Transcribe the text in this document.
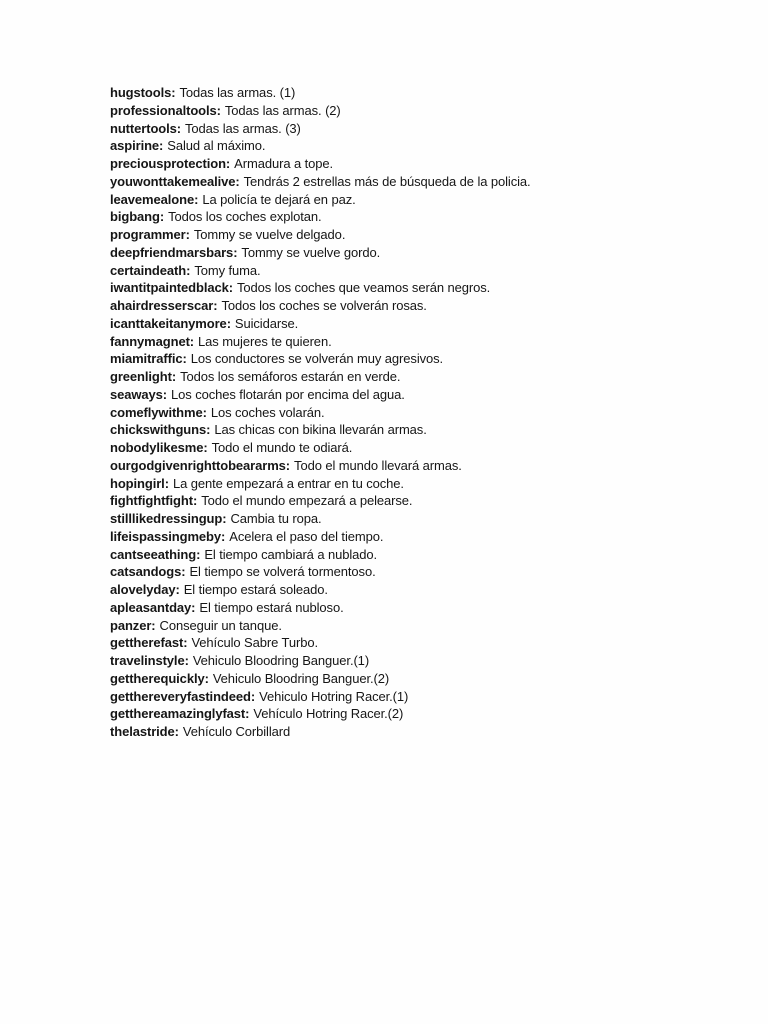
hugstools: Todas las armas. (1)
professionaltools: Todas las armas. (2)
nuttertools: Todas las armas. (3)
aspirine: Salud al máximo.
preciousprotection: Armadura a tope.
youwonttakemealive: Tendrás 2 estrellas más de búsqueda de la policia.
leavemealone: La policía te dejará en paz.
bigbang: Todos los coches explotan.
programmer: Tommy se vuelve delgado.
deepfriendmarsbars: Tommy se vuelve gordo.
certaindeath: Tomy fuma.
iwantitpaintedblack: Todos los coches que veamos serán negros.
ahairdresserscar: Todos los coches se volverán rosas.
icanttakeitanymore: Suicidarse.
fannymagnet: Las mujeres te quieren.
miamitraffic: Los conductores se volverán muy agresivos.
greenlight: Todos los semáforos estarán en verde.
seaways: Los coches flotarán por encima del agua.
comeflywithme: Los coches volarán.
chickswithguns: Las chicas con bikina llevarán armas.
nobodylikesme: Todo el mundo te odiará.
ourgodgivenrighttobeararms: Todo el mundo llevará armas.
hopingirl: La gente empezará a entrar en tu coche.
fightfightfight: Todo el mundo empezará a pelearse.
stilllikedressingup: Cambia tu ropa.
lifeispassingmeby: Acelera el paso del tiempo.
cantseeathing: El tiempo cambiará a nublado.
catsandogs: El tiempo se volverá tormentoso.
alovelyday: El tiempo estará soleado.
apleasantday: El tiempo estará nubloso.
panzer: Conseguir un tanque.
gettherefast: Vehículo Sabre Turbo.
travelinstyle: Vehiculo Bloodring Banguer.(1)
gettherequickly: Vehiculo Bloodring Banguer.(2)
getthereveryfastindeed: Vehiculo Hotring Racer.(1)
getthereamazinglyfast: Vehículo Hotring Racer.(2)
thelastride: Vehículo Corbillard
